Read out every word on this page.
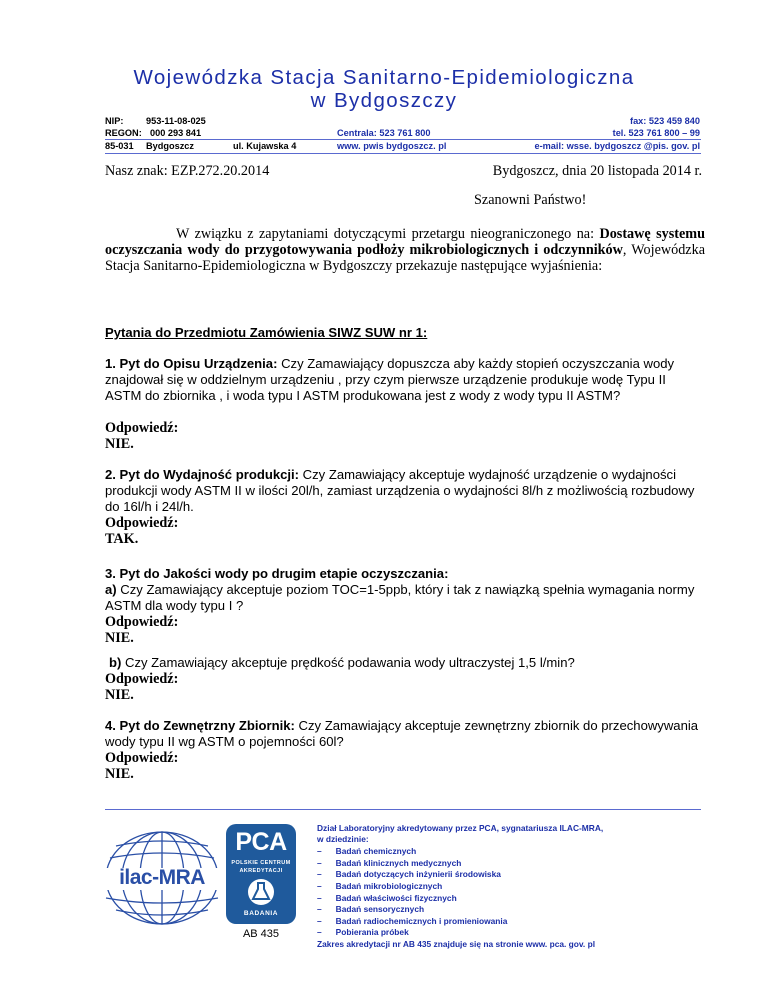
Wojewódzka Stacja Sanitarno-Epidemiologiczna
w Bydgoszczy
NIP: 953-11-08-025
REGON: 000 293 841
85-031 Bydgoszcz	ul. Kujawska 4
Centrala: 523 761 800
www. pwis bydgoszcz. pl
fax: 523 459 840
tel. 523 761 800 – 99
e-mail: wsse. bydgoszcz @pis. gov. pl
Nasz znak: EZP.272.20.2014	Bydgoszcz, dnia 20 listopada 2014 r.
Szanowni Państwo!
W związku z zapytaniami dotyczącymi przetargu nieograniczonego na: Dostawę systemu oczyszczania wody do przygotowywania podłoży mikrobiologicznych i odczynników, Wojewódzka Stacja Sanitarno-Epidemiologiczna w Bydgoszczy przekazuje następujące wyjaśnienia:
Pytania do Przedmiotu Zamówienia SIWZ SUW nr 1:
1. Pyt do Opisu Urządzenia: Czy Zamawiający dopuszcza aby każdy stopień oczyszczania wody znajdował się w oddzielnym urządzeniu , przy czym pierwsze urządzenie produkuje wodę Typu II ASTM do zbiornika , i woda typu I ASTM produkowana jest z wody z wody typu II ASTM?
Odpowiedź:
NIE.
2. Pyt do Wydajność produkcji: Czy Zamawiający akceptuje wydajność urządzenie o wydajności produkcji wody ASTM II w ilości 20l/h, zamiast urządzenia o wydajności 8l/h z możliwością rozbudowy do 16l/h i 24l/h.
Odpowiedź:
TAK.
3. Pyt do Jakości wody po drugim etapie oczyszczania:
a) Czy Zamawiający akceptuje poziom TOC=1-5ppb, który i tak z nawiązką spełnia wymagania normy ASTM dla wody typu I ?
Odpowiedź:
NIE.
b) Czy Zamawiający akceptuje prędkość podawania wody ultraczystej 1,5 l/min?
Odpowiedź:
NIE.
4. Pyt do Zewnętrzny Zbiornik: Czy Zamawiający akceptuje zewnętrzny zbiornik do przechowywania wody typu II wg ASTM o pojemności 60l?
Odpowiedź:
NIE.
ilac-MRA
PCA
POLSKIE CENTRUM
AKREDYTACJI
BADANIA
AB 435
Dział Laboratoryjny akredytowany przez PCA, sygnatariusza ILAC-MRA,
w dziedzinie:
– Badań chemicznych
– Badań klinicznych medycznych
– Badań dotyczących inżynierii środowiska
– Badań mikrobiologicznych
– Badań właściwości fizycznych
– Badań sensorycznych
– Badań radiochemicznych i promieniowania
– Pobierania próbek
Zakres akredytacji nr AB 435 znajduje się na stronie www. pca. gov. pl
